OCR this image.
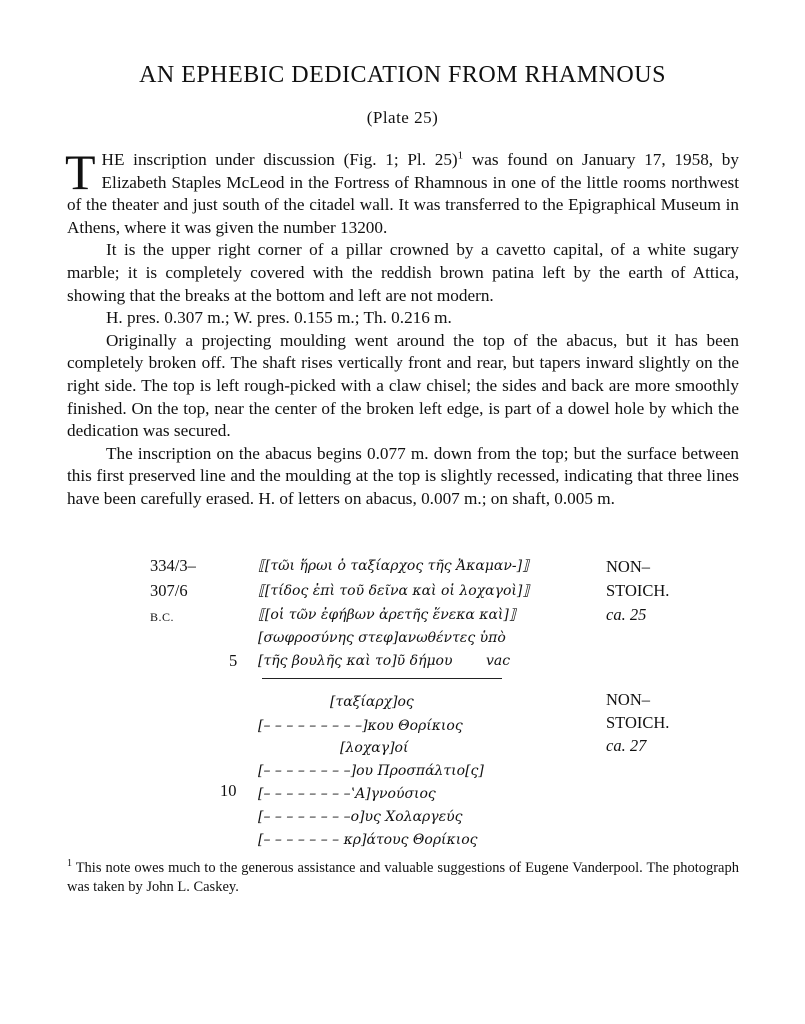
AN EPHEBIC DEDICATION FROM RHAMNOUS
(Plate 25)

THE inscription under discussion (Fig. 1; Pl. 25)$^1$ was found on January 17, 1958, by Elizabeth Staples McLeod in the Fortress of Rhamnous in one of the little rooms northwest of the theater and just south of the citadel wall. It was transferred to the Epigraphical Museum in Athens, where it was given the number 13200.

It is the upper right corner of a pillar crowned by a cavetto capital, of a white sugary marble; it is completely covered with the reddish brown patina left by the earth of Attica, showing that the breaks at the bottom and left are not modern.

H. pres. 0.307 m.; W. pres. 0.155 m.; Th. 0.216 m.

Originally a projecting moulding went around the top of the abacus, but it has been completely broken off. The shaft rises vertically front and rear, but tapers inward slightly on the right side. The top is left rough-picked with a claw chisel; the sides and back are more smoothly finished. On the top, near the center of the broken left edge, is part of a dowel hole by which the dedication was secured.

The inscription on the abacus begins 0.077 m. down from the top; but the surface between this first preserved line and the moulding at the top is slightly recessed, indicating that three lines have been carefully erased. H. of letters on abacus, 0.007 m.; on shaft, 0.005 m.

334/3–
307/6
B.C.
⟦[τῶι ἥρωι ὁ ταξίαρχος τῆς Ἀκαμαν-]⟧
⟦[τίδος ἐπὶ τοῦ δεῖνα καὶ οἱ λοχαγοὶ]⟧
⟦[οἱ τῶν ἐφήβων ἀρετῆς ἕνεκα καὶ]⟧
[σωφροσύνης στεφ]ανωθέντες ὑπὸ
5 [τῆς βουλῆς καὶ το]ῦ δήμου vac
NON–
STOICH.
ca. 25
[ταξίαρχ]ος
[– – – – – – – – –]κου Θορίκιος
[λοχαγ]οί
[– – – – – – – –]ου Προσπάλτιο[ς]
10 [– – – – – – – –ʽΑ]γνούσιος
[– – – – – – – –ο]υς Χολαργεύς
[– – – – – – – κρ]άτους Θορίκιος
NON–
STOICH.
ca. 27
$^1$ This note owes much to the generous assistance and valuable suggestions of Eugene Vanderpool. The photograph was taken by John L. Caskey.
